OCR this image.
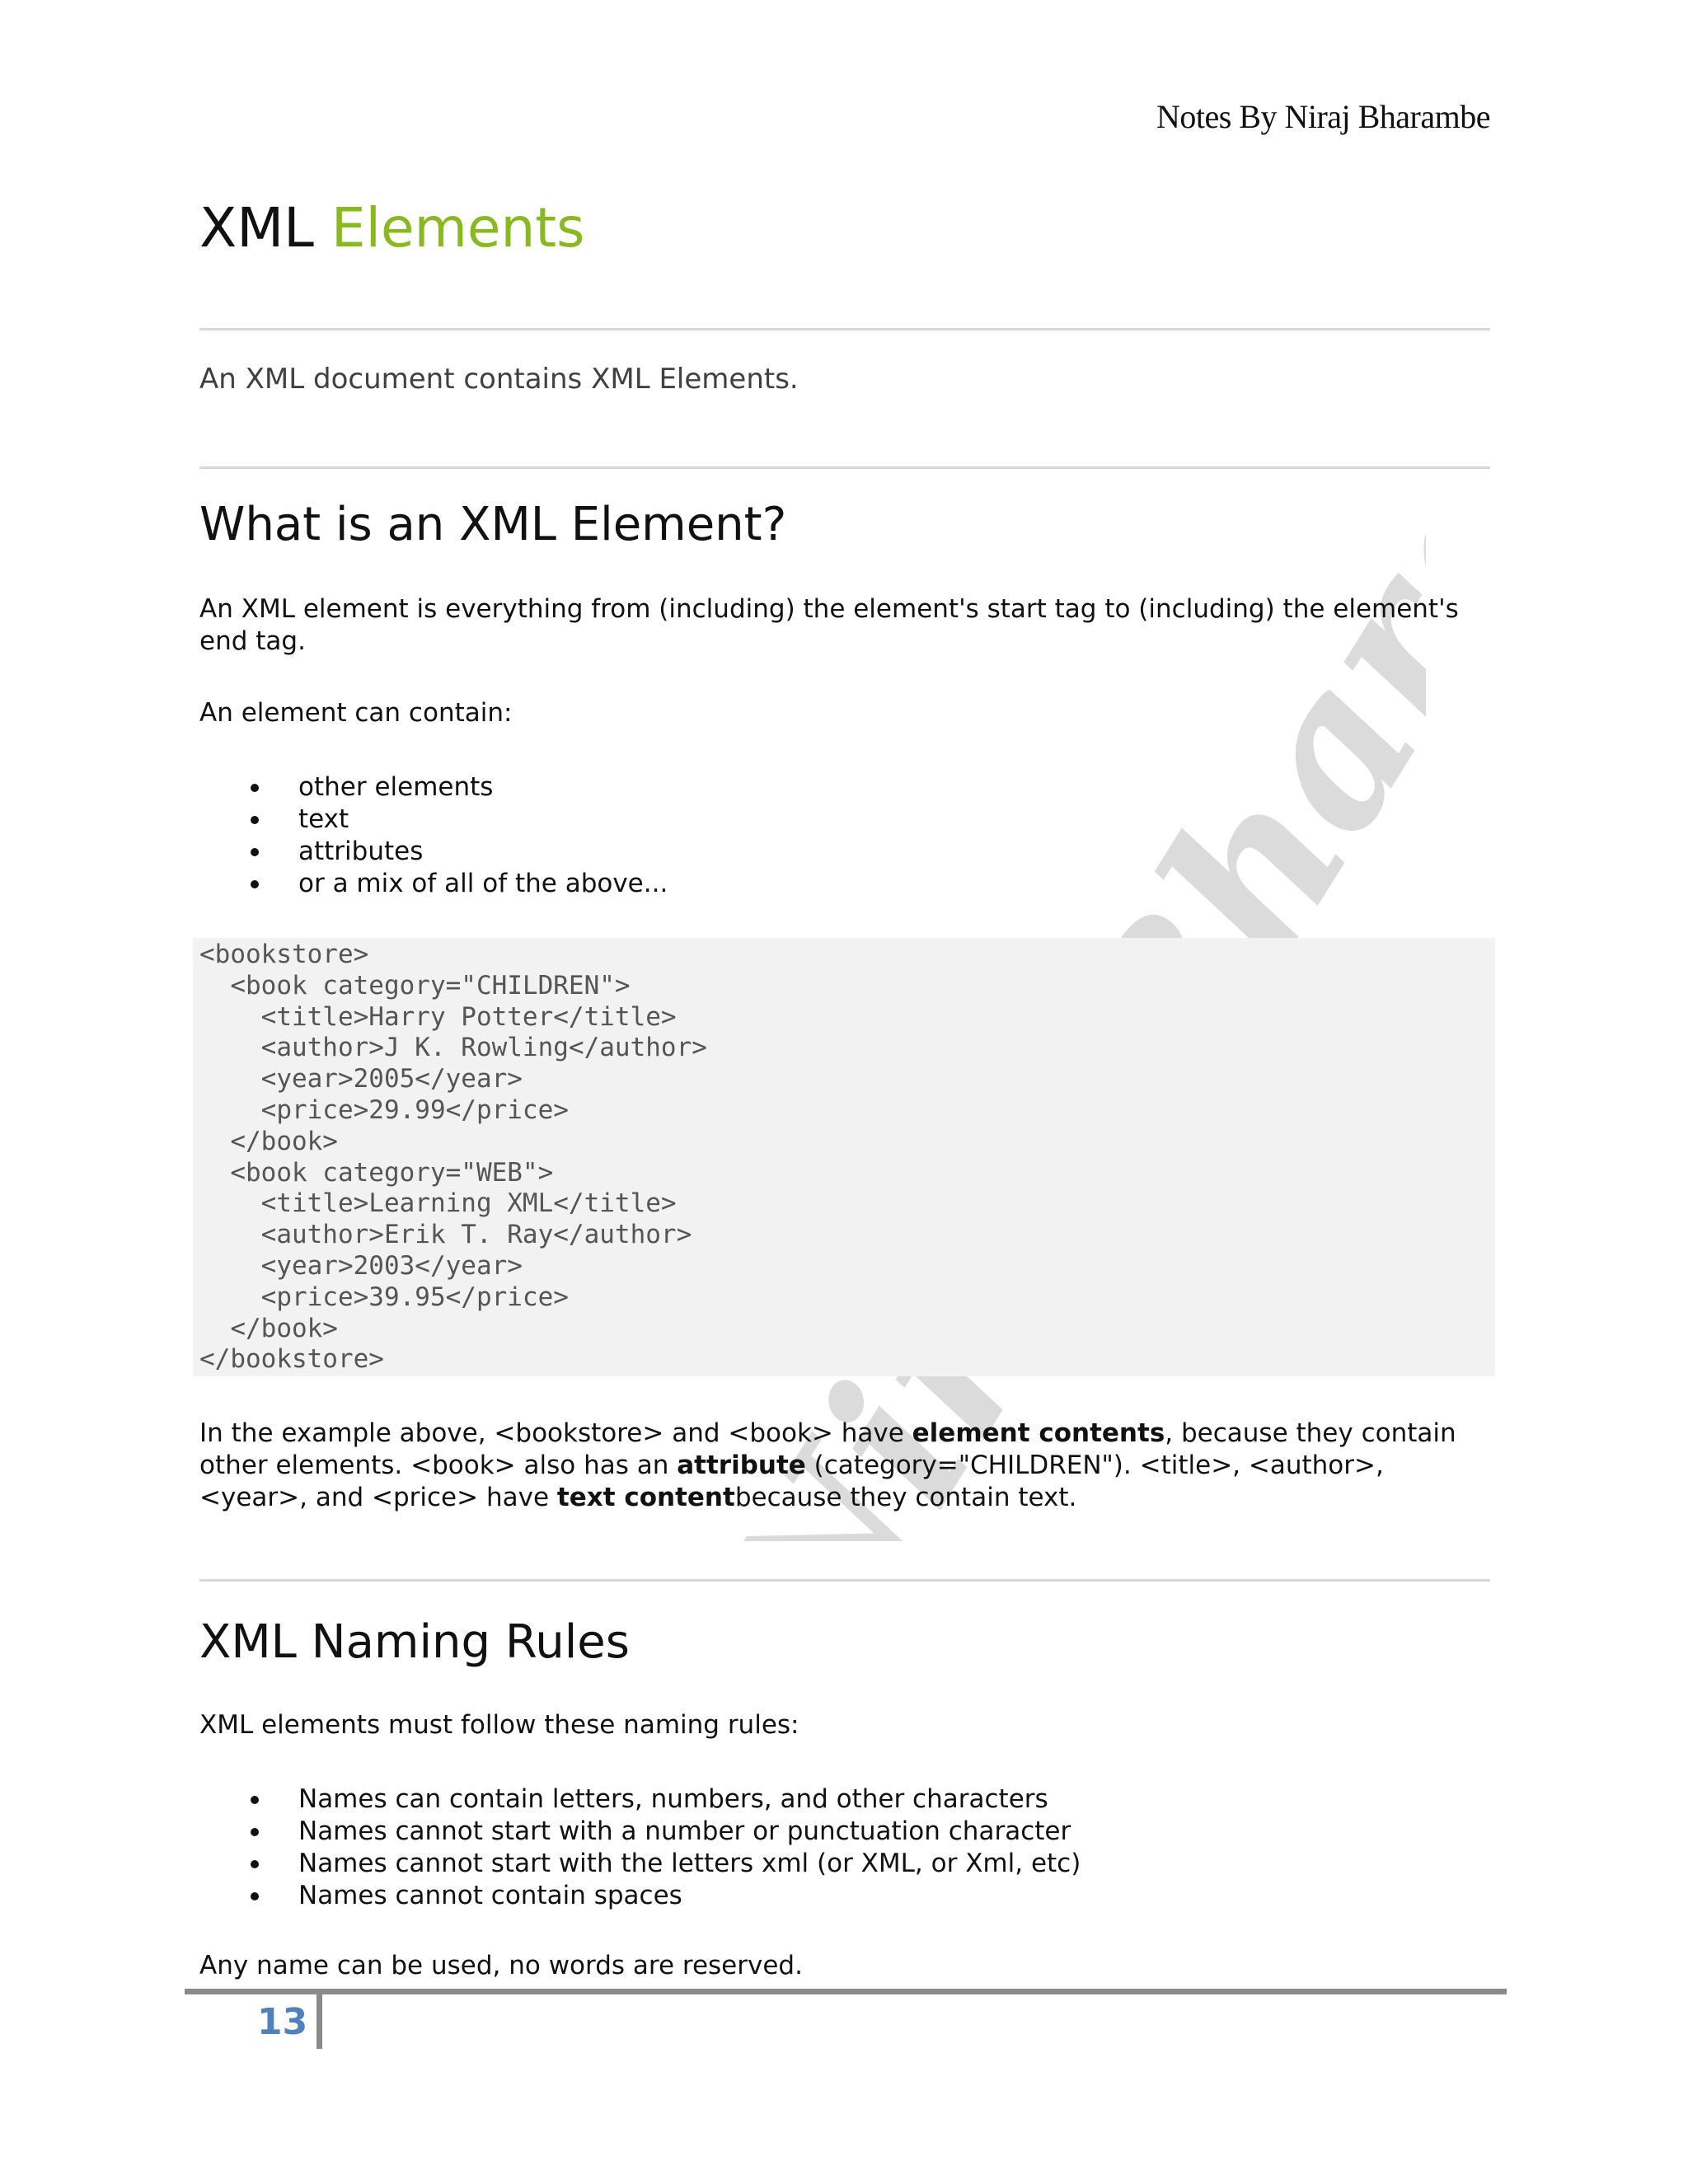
Notes By Niraj Bharambe
XML Elements
An XML document contains XML Elements.
What is an XML Element?
An XML element is everything from (including) the element's start tag to (including) the element's end tag.
An element can contain:
other elements
text
attributes
or a mix of all of the above...
<bookstore>
<book category="CHILDREN">
<title>Harry Potter</title>
<author>J K. Rowling</author>
<year>2005</year>
<price>29.99</price>
</book>
<book category="WEB">
<title>Learning XML</title>
<author>Erik T. Ray</author>
<year>2003</year>
<price>39.95</price>
</book>
</bookstore>
In the example above, <bookstore> and <book> have element contents, because they contain other elements. <book> also has an attribute (category="CHILDREN"). <title>, <author>, <year>, and <price> have text contentbecause they contain text.
XML Naming Rules
XML elements must follow these naming rules:
Names can contain letters, numbers, and other characters
Names cannot start with a number or punctuation character
Names cannot start with the letters xml (or XML, or Xml, etc)
Names cannot contain spaces
Any name can be used, no words are reserved.
13
